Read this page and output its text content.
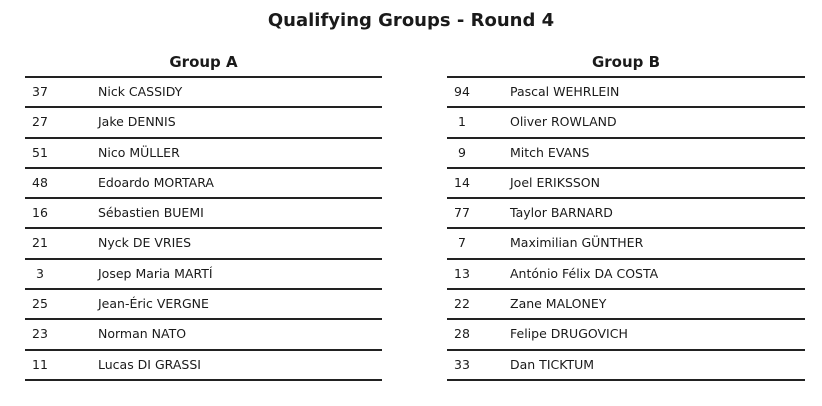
Qualifying Groups - Round 4
Group A
37	Nick CASSIDY
27	Jake DENNIS
51	Nico MÜLLER
48	Edoardo MORTARA
16	Sébastien BUEMI
21	Nyck DE VRIES
3	Josep Maria MARTÍ
25	Jean-Éric VERGNE
23	Norman NATO
11	Lucas DI GRASSI
Group B
94	Pascal WEHRLEIN
1	Oliver ROWLAND
9	Mitch EVANS
14	Joel ERIKSSON
77	Taylor BARNARD
7	Maximilian GÜNTHER
13	António Félix DA COSTA
22	Zane MALONEY
28	Felipe DRUGOVICH
33	Dan TICKTUM
